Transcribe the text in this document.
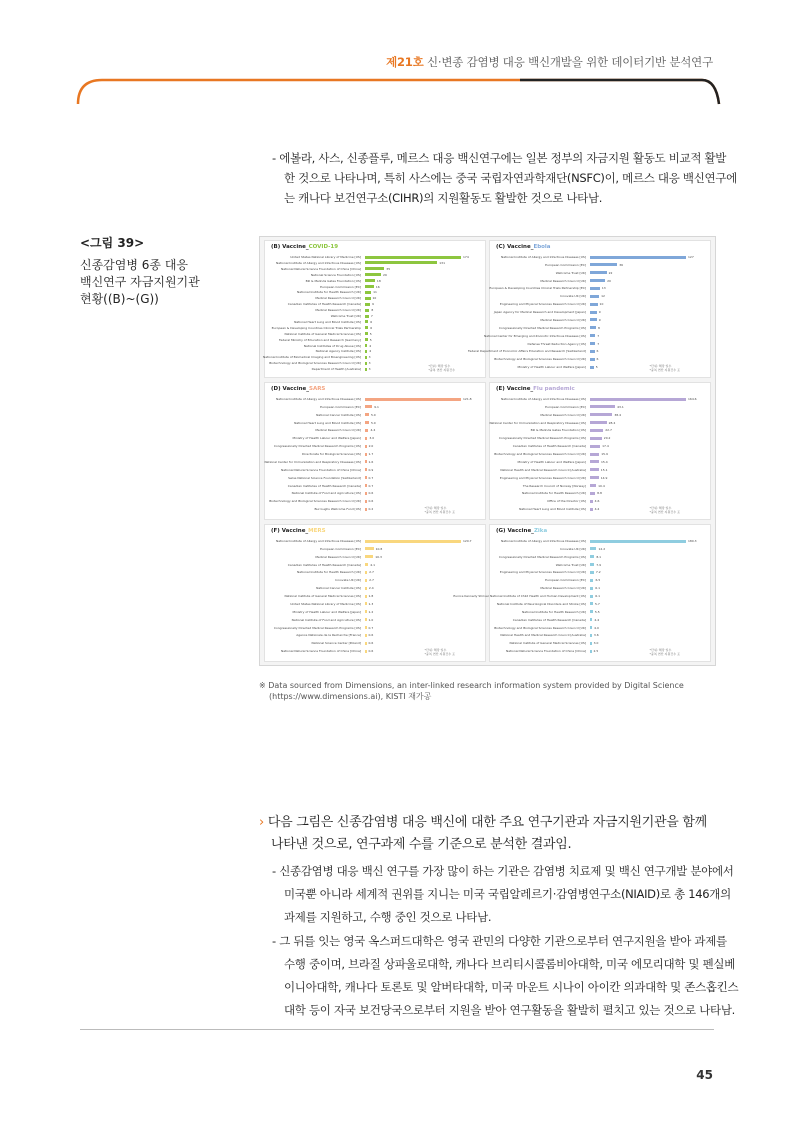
제21호 신·변종 감염병 대응 백신개발을 위한 데이터기반 분석연구
- 에볼라, 사스, 신종플루, 메르스 대응 백신연구에는 일본 정부의 자금지원 활동도 비교적 활발
한 것으로 나타나며, 특히 사스에는 중국 국립자연과학재단(NSFC)이, 메르스 대응 백신연구에
는 캐나다 보건연구소(CIHR)의 지원활동도 활발한 것으로 나타남.
<그림 39>
신종감염병 6종 대응
백신연구 자금지원기관
현황((B)~(G))
(B) Vaccine_COVID-19
United States National Library of Medicine [US]	174
National Institute of Allergy and Infectious Diseases [US]	131
National Natural Science Foundation of China [China]	35
National Science Foundation [US]	29
Bill & Melinda Gates Foundation [US]	18
European Commission [EC]	16
National Institute for Health Research [UK]	11
Medical Research Council [UK]	10
Canadian Institutes of Health Research [Canada]	9
Medical Research Council [UK]	8
Wellcome Trust [UK]	7
National Heart Lung and Blood Institute [US]	6
European & Developing Countries Clinical Trials Partnership	6
National Institute of General Medical Sciences [US]	5
Federal Ministry of Education and Research [Germany]	5
National Institutes of Drug Abuse [US]	4
National Agency Institute [US]	4
National Institute of Biomedical Imaging and Bioengineering [US]	3
Biotechnology and Biological Sciences Research Council [UK]	3
Department of Health [Australia]	3
*단위: 해당 일수
*중복 연산 지원건수
(C) Vaccine_Ebola
National Institute of Allergy and Infectious Diseases [US]	127
European Commission [EC]	36
Wellcome Trust [UK]	22
Medical Research Council [UK]	20
European & Developing Countries Clinical Trials Partnership [EC]	13
Innovate UK [UK]	12
Engineering and Physical Sciences Research Council [UK]	10
Japan Agency for Medical Research and Development [Japan]	9
Medical Research Council [UK]	9
Congressionally Directed Medical Research Programs [US]	8
National Center for Emerging and Zoonotic Infectious Diseases [US]	7
Defense Threat Reduction Agency [US]	7
Federal Department of Economic Affairs Education and Research [Switzerland]	6
Biotechnology and Biological Sciences Research Council [UK]	6
Ministry of Health Labour and Welfare [Japan]	5	*단위: 해당 일수
*중복 연산 지원건수 포
(D) Vaccine_SARS
National Institute of Allergy and Infectious Diseases [US]	121.8
European Commission [EC]	9.1
National Cancer Institute [US]	5.0
National Heart Lung and Blood Institute [US]	5.0
Medical Research Council [UK]	4.4
Ministry of Health Labour and Welfare [Japan]	3.0
Congressionally Directed Medical Research Programs [US]	2.0
Directorate for Biological Sciences [US]	1.7
National Center for Immunization and Respiratory Diseases [US]	1.6
National Natural Science Foundation of China [China]	0.9
Swiss National Science Foundation [Switzerland]	0.7
Canadian Institutes of Health Research [Canada]	0.7
National Institute of Food and Agriculture [US]	0.6
Biotechnology and Biological Sciences Research Council [UK]	0.6
Burroughs Wellcome Fund [US]	0.2	*단위: 해당 일수
*중복 연산 지원건수 포
(E) Vaccine_Flu pandemic
National Institute of Allergy and Infectious Diseases [US]	164.6
European Commission [EC]	43.1
Medical Research Council [UK]	38.4
National Center for Immunization and Respiratory Diseases [US]	28.4
Bill & Melinda Gates Foundation [US]	22.7
Congressionally Directed Medical Research Programs [US]	20.2
Canadian Institutes of Health Research [Canada]	17.4
Biotechnology and Biological Sciences Research Council [UK]	15.9
Ministry of Health Labour and Welfare [Japan]	15.4
National Health and Medical Research Council [Australia]	15.1
Engineering and Physical Sciences Research Council [UK]	14.9
The Research Council of Norway [Norway]	10.4
National Institute for Health Research [UK]	8.8
Office of the Director [US]	4.6
National Heart Lung and Blood Institute [US]	4.4	*단위: 해당 일수
*중복 연산 지원건수 포
(F) Vaccine_MERS
National Institute of Allergy and Infectious Diseases [US]	120.7
European Commission [EC]	10.8
Medical Research Council [UK]	10.3
Canadian Institutes of Health Research [Canada]	4.1
National Institute for Health Research [UK]	2.7
Innovate UK [UK]	2.7
National Cancer Institute [US]	2.4
National Institute of General Medical Sciences [US]	1.8
United States National Library of Medicine [US]	1.3
Ministry of Health Labour and Welfare [Japan]	1.2
National Institute of Food and Agriculture [US]	1.0
Congressionally Directed Medical Research Programs [US]	0.7
Agence Nationale de la Recherche [France]	0.6
National Science Center [Poland]	0.6
National Natural Science Foundation of China [China]	0.6	*단위: 해당 일수
*중복 연산 지원건수 포
(G) Vaccine_Zika
National Institute of Allergy and Infectious Diseases [US]	180.3
Innovate UK [UK]	12.2
Congressionally Directed Medical Research Programs [US]	8.1
Wellcome Trust [UK]	7.9
Engineering and Physical Sciences Research Council [UK]	7.2
European Commission [EC]	6.5
Medical Research Council [UK]	6.1
Eunice Kennedy Shriver National Institute of Child Health and Human Development [US]	6.1
National Institute of Neurological Disorders and Stroke [US]	5.7
National Institute for Health Research [UK]	5.5
Canadian Institutes of Health Research [Canada]	4.4
Biotechnology and Biological Sciences Research Council [UK]	4.0
National Health and Medical Research Council [Australia]	3.6
National Institute of General Medical Sciences [US]	3.0
National Natural Science Foundation of China [China]	2.5	*단위: 해당 일수
*중복 연산 지원건수 포
※ Data sourced from Dimensions, an inter-linked research information system provided by Digital Science
(https://www.dimensions.ai), KISTI 재가공
› 다음 그림은 신종감염병 대응 백신에 대한 주요 연구기관과 자금지원기관을 함께
나타낸 것으로, 연구과제 수를 기준으로 분석한 결과임.
- 신종감염병 대응 백신 연구를 가장 많이 하는 기관은 감염병 치료제 및 백신 연구개발 분야에서
미국뿐 아니라 세계적 권위를 지니는 미국 국립알레르기·감염병연구소(NIAID)로 총 146개의
과제를 지원하고, 수행 중인 것으로 나타남.
- 그 뒤를 잇는 영국 옥스퍼드대학은 영국 관민의 다양한 기관으로부터 연구지원을 받아 과제를
수행 중이며, 브라질 상파울로대학, 캐나다 브리티시콜롬비아대학, 미국 에모리대학 및 펜실베
이니아대학, 캐나다 토론토 및 알버타대학, 미국 마운트 시나이 아이칸 의과대학 및 존스홉킨스
대학 등이 자국 보건당국으로부터 지원을 받아 연구활동을 활발히 펼치고 있는 것으로 나타남.
45
